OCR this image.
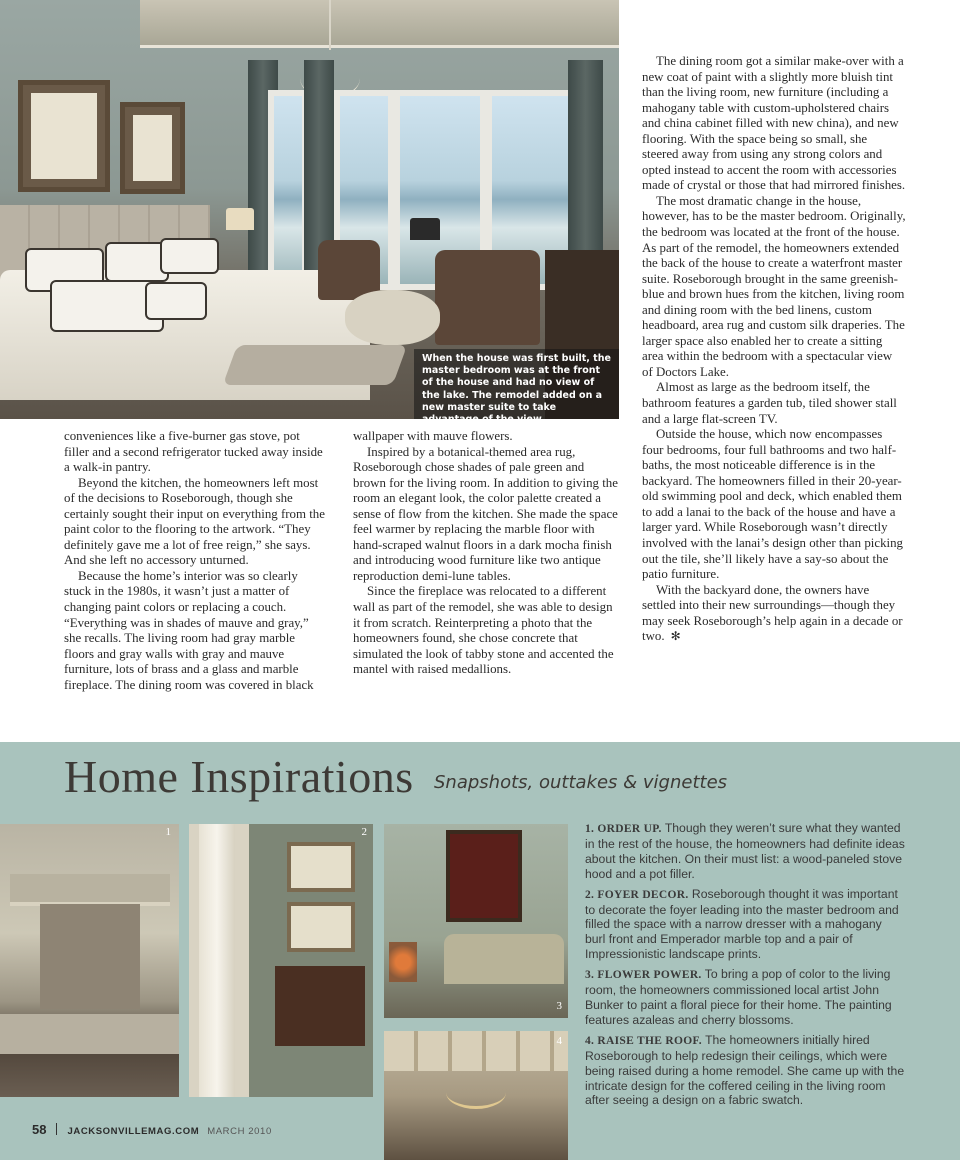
When the house was first built, the master bedroom was at the front of the house and had no view of the lake. The remodel added on a new master suite to take advantage of the view.

conveniences like a five-burner gas stove, pot filler and a second refrigerator tucked away inside a walk-in pantry.

Beyond the kitchen, the homeowners left most of the decisions to Roseborough, though she certainly sought their input on everything from the paint color to the flooring to the artwork. “They definitely gave me a lot of free reign,” she says. And she left no accessory unturned.

Because the home’s interior was so clearly stuck in the 1980s, it wasn’t just a matter of changing paint colors or replacing a couch. “Everything was in shades of mauve and gray,” she recalls. The living room had gray marble floors and gray walls with gray and mauve furniture, lots of brass and a glass and marble fireplace. The dining room was covered in black

wallpaper with mauve flowers.

Inspired by a botanical-themed area rug, Roseborough chose shades of pale green and brown for the living room. In addition to giving the room an elegant look, the color palette created a sense of flow from the kitchen. She made the space feel warmer by replacing the marble floor with hand-scraped walnut floors in a dark mocha finish and introducing wood furniture like two antique reproduction demi-lune tables.

Since the fireplace was relocated to a different wall as part of the remodel, she was able to design it from scratch. Reinterpreting a photo that the homeowners found, she chose concrete that simulated the look of tabby stone and accented the mantel with raised medallions.

The dining room got a similar make-over with a new coat of paint with a slightly more bluish tint than the living room, new furniture (including a mahogany table with custom-upholstered chairs and china cabinet filled with new china), and new flooring. With the space being so small, she steered away from using any strong colors and opted instead to accent the room with accessories made of crystal or those that had mirrored finishes.

The most dramatic change in the house, however, has to be the master bedroom. Originally, the bedroom was located at the front of the house. As part of the remodel, the homeowners extended the back of the house to create a waterfront master suite. Roseborough brought in the same greenish-blue and brown hues from the kitchen, living room and dining room with the bed linens, custom headboard, area rug and custom silk draperies. The larger space also enabled her to create a sitting area within the bedroom with a spectacular view of Doctors Lake.

Almost as large as the bedroom itself, the bathroom features a garden tub, tiled shower stall and a large flat-screen TV.

Outside the house, which now encompasses four bedrooms, four full bathrooms and two half-baths, the most noticeable difference is in the backyard. The homeowners filled in their 20-year-old swimming pool and deck, which enabled them to add a lanai to the back of the house and have a larger yard. While Roseborough wasn’t directly involved with the lanai’s design other than picking out the tile, she’ll likely have a say-so about the patio furniture.

With the backyard done, the owners have settled into their new surroundings—though they may seek Roseborough’s help again in a decade or two. ✻

Home Inspirations Snapshots, outtakes & vignettes
1	2
3
4

1. ORDER UP. Though they weren’t sure what they wanted in the rest of the house, the homeowners had definite ideas about the kitchen. On their must list: a wood-paneled stove hood and a pot filler.

2. FOYER DECOR. Roseborough thought it was important to decorate the foyer leading into the master bedroom and filled the space with a narrow dresser with a mahogany burl front and Emperador marble top and a pair of Impressionistic landscape prints.

3. FLOWER POWER. To bring a pop of color to the living room, the homeowners commissioned local artist John Bunker to paint a floral piece for their home. The painting features azaleas and cherry blossoms.

4. RAISE THE ROOF. The homeowners initially hired Roseborough to help redesign their ceilings, which were being raised during a home remodel. She came up with the intricate design for the coffered ceiling in the living room after seeing a design on a fabric swatch.

58 JACKSONVILLEMAG.COM MARCH 2010
